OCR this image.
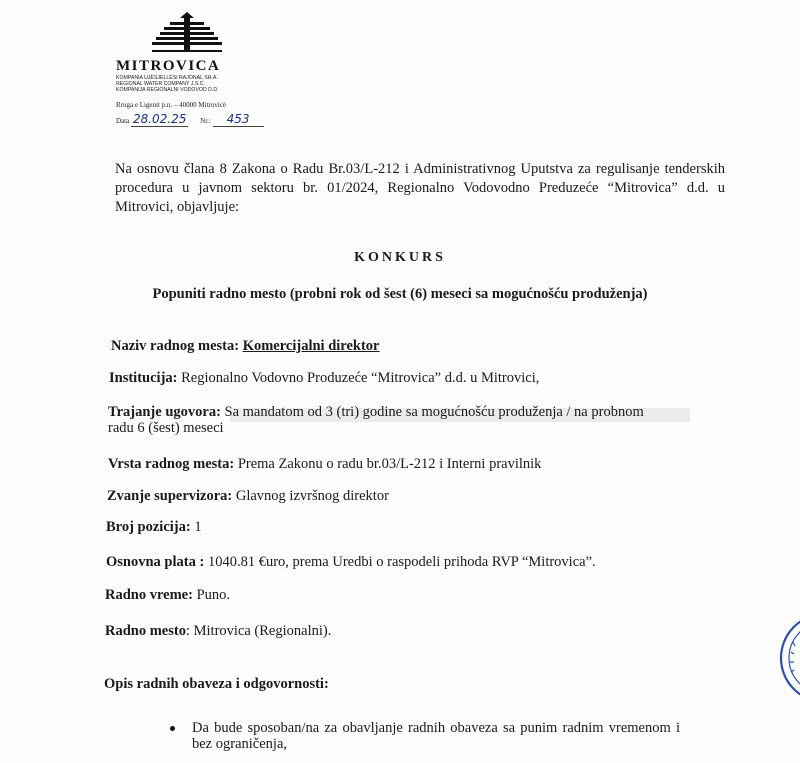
MITROVICA
KOMPANIA UJËSJELLËSI RAJONAL SH.A.
REGIONAL WATER COMPANY J.S.C.
KOMPANIJA REGIONALNI VODOVOD D.D.
Rruga e Ligenit p.n. – 40000 Mitrovicë
Data 28.02.25 Nr.: 453
Na osnovu člana 8 Zakona o Radu Br.03/L-212 i Administrativnog Uputstva za regulisanje tenderskih procedura u javnom sektoru br. 01/2024, Regionalno Vodovodno Preduzeće “Mitrovica” d.d. u Mitrovici, objavljuje:
KONKURS
Popuniti radno mesto (probni rok od šest (6) meseci sa mogućnošću produženja)
Naziv radnog mesta: Komercijalni direktor
Institucija: Regionalno Vodovno Produzeće “Mitrovica” d.d. u Mitrovici,
Trajanje ugovora: Sa mandatom od 3 (tri) godine sa mogućnošću produženja / na probnom
radu 6 (šest) meseci
Vrsta radnog mesta: Prema Zakonu o radu br.03/L-212 i Interni pravilnik
Zvanje supervizora: Glavnog izvršnog direktor
Broj pozicija: 1
Osnovna plata : 1040.81 €uro, prema Uredbi o raspodeli prihoda RVP “Mitrovica”.
Radno vreme: Puno.
Radno mesto: Mitrovica (Regionalni).
Opis radnih obaveza i odgovornosti:
Da bude sposoban/na za obavljanje radnih obaveza sa punim radnim vremenom i bez ograničenja,
